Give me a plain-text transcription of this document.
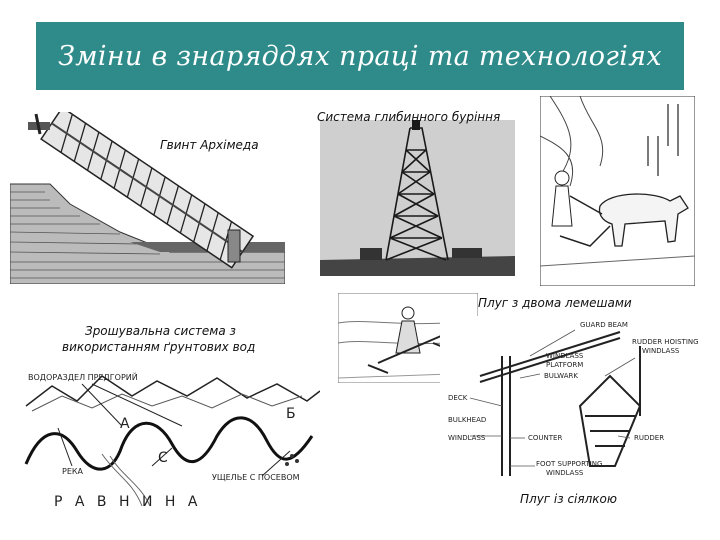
Зміни в знаряддях праці та технологіях
ВОДОРАЗДЕЛ ПРЕДГОРИЙ
А
Б
С
РЕКА
УЩЕЛЬЕ С ПОСЕВОМ
Р А В Н И Н А
GUARD BEAM
RUDDER HOISTING
WINDLASS
WINDLASS
PLATFORM
BULWARK
DECK
BULKHEAD
WINDLASS	COUNTER	RUDDER
FOOT SUPPORTING
WINDLASS
Система глибинного буріння
Гвинт Архімеда
Зрошувальна система з
використанням ґрунтових вод
Плуг з двома лемешами
Плуг із сіялкою
